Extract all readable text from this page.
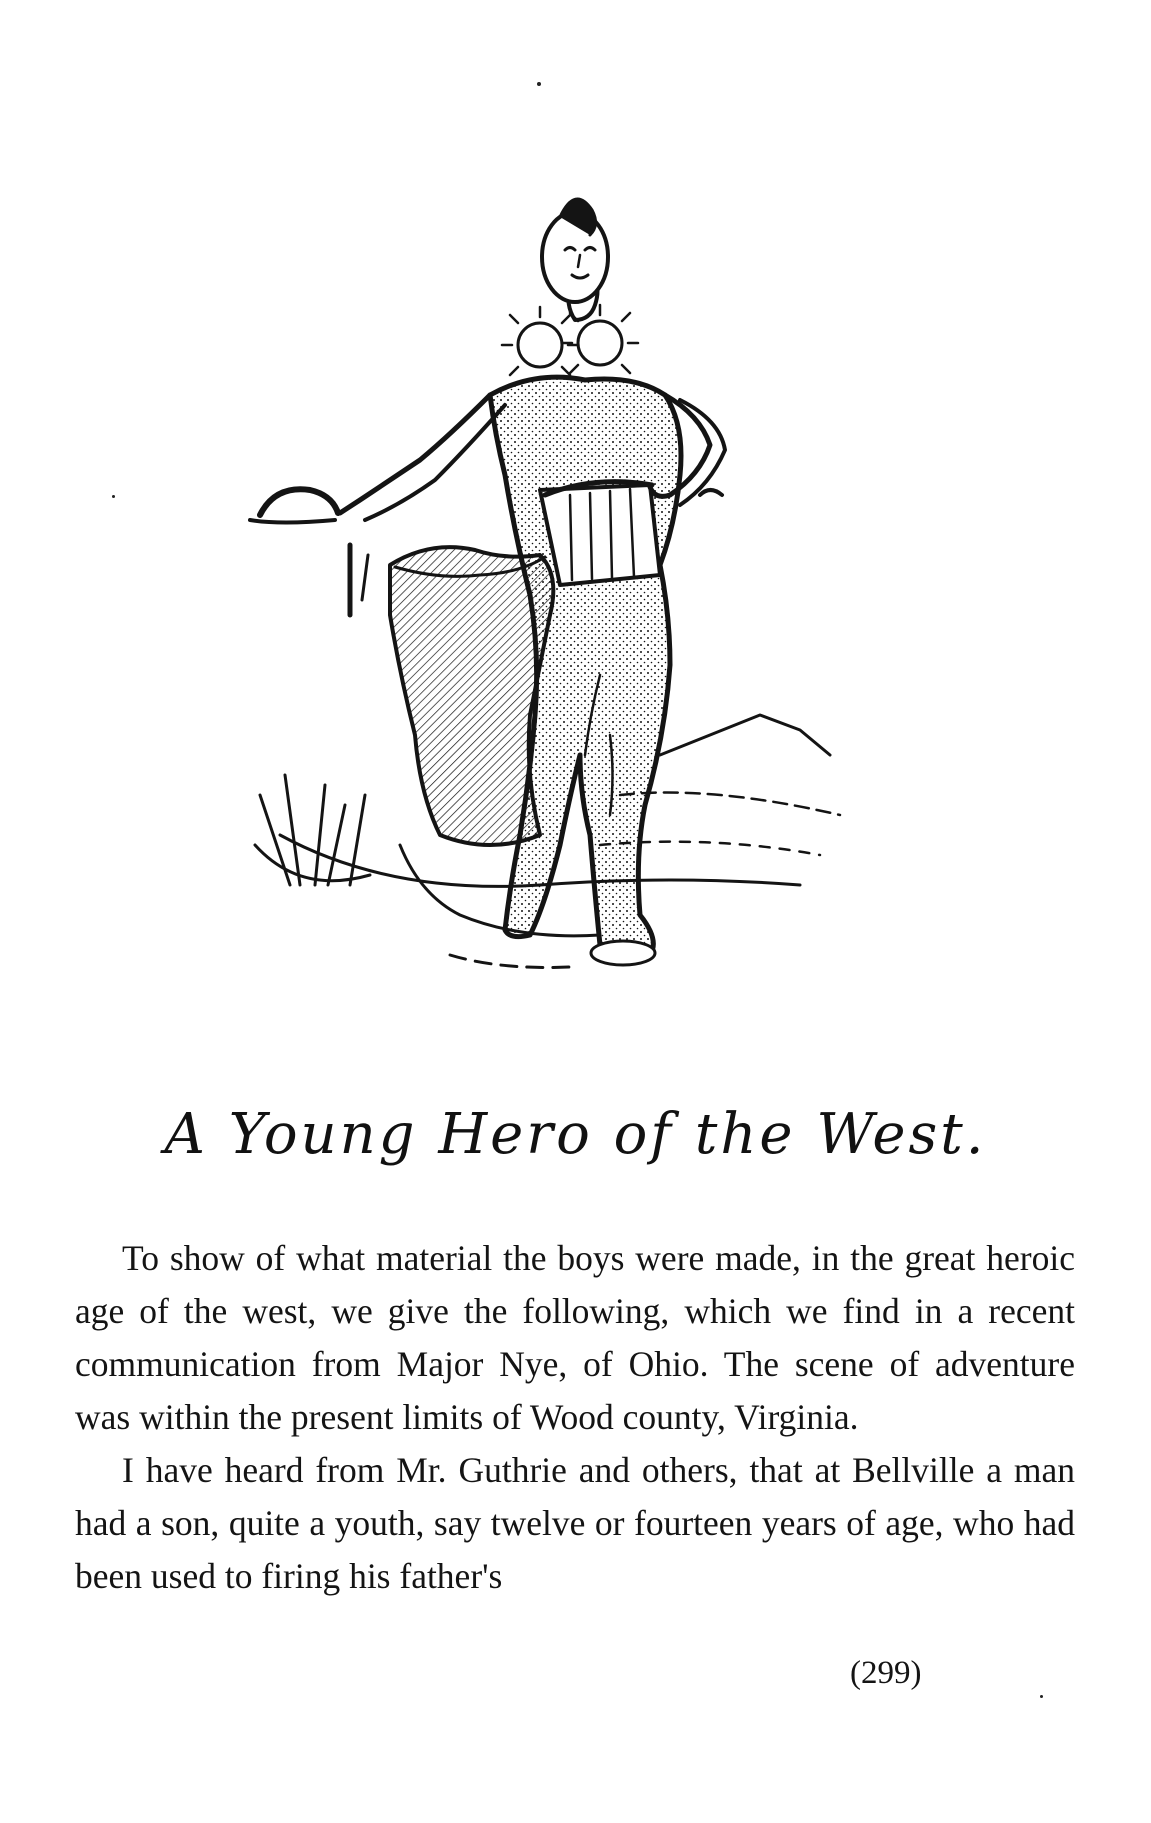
A Young Hero of the West.

To show of what material the boys were made, in the great heroic age of the west, we give the following, which we find in a recent communication from Major Nye, of Ohio. The scene of adventure was within the present limits of Wood county, Virginia.

I have heard from Mr. Guthrie and others, that at Bellville a man had a son, quite a youth, say twelve or fourteen years of age, who had been used to firing his father's

(299)
